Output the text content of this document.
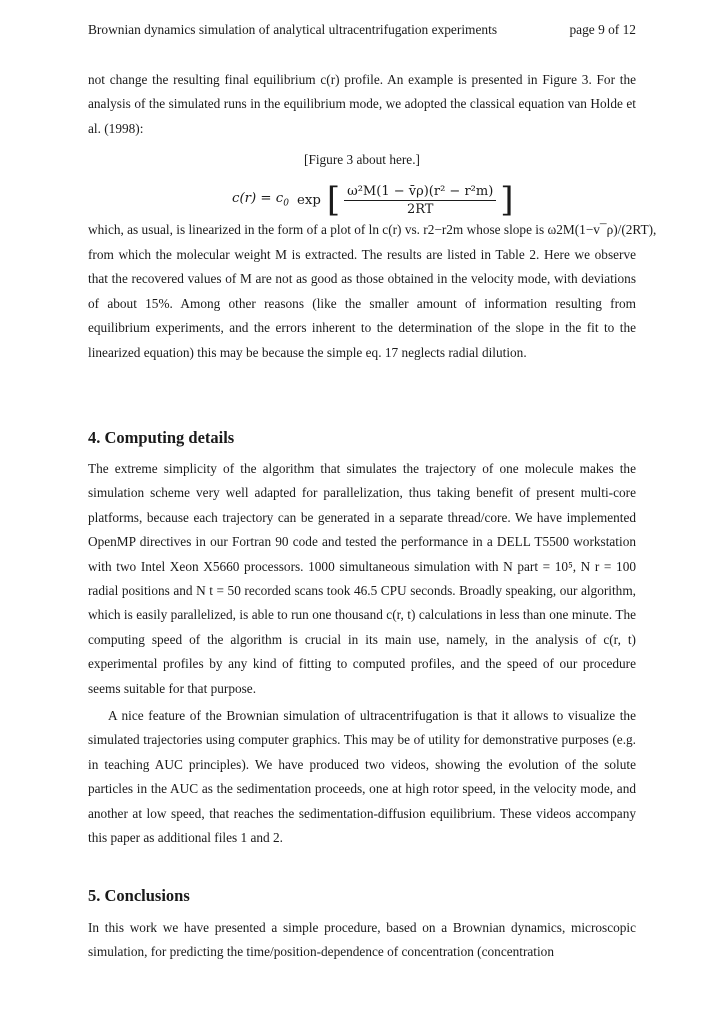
Brownian dynamics simulation of analytical ultracentrifugation experiments	page 9 of 12
not change the resulting final equilibrium c(r) profile. An example is presented in Figure 3. For the analysis of the simulated runs in the equilibrium mode, we adopted the classical equation van Holde et al. (1998):
[Figure 3 about here.]
$c(r) = c_0$ exp [ $\frac{\text{ω²M(1 − v̄ρ)(r² − r²m)}}{2RT}$ ]
which, as usual, is linearized in the form of a plot of ln c(r) vs. r2−r2m whose slope is ω2M(1−v¯ρ)/(2RT),
from which the molecular weight M is extracted. The results are listed in Table 2. Here we observe that the recovered values of M are not as good as those obtained in the velocity mode, with deviations of about 15%. Among other reasons (like the smaller amount of information resulting from equilibrium experiments, and the errors inherent to the determination of the slope in the fit to the linearized equation) this may be because the simple eq. 17 neglects radial dilution.
4. Computing details
The extreme simplicity of the algorithm that simulates the trajectory of one molecule makes the simulation scheme very well adapted for parallelization, thus taking benefit of present multi-core platforms, because each trajectory can be generated in a separate thread/core. We have implemented OpenMP directives in our Fortran 90 code and tested the performance in a DELL T5500 workstation with two Intel Xeon X5660 processors. 1000 simultaneous simulation with N part = 10⁵, N r = 100 radial positions and N t = 50 recorded scans took 46.5 CPU seconds. Broadly speaking, our algorithm, which is easily parallelized, is able to run one thousand c(r, t) calculations in less than one minute. The computing speed of the algorithm is crucial in its main use, namely, in the analysis of c(r, t) experimental profiles by any kind of fitting to computed profiles, and the speed of our procedure seems suitable for that purpose.
A nice feature of the Brownian simulation of ultracentrifugation is that it allows to visualize the simulated trajectories using computer graphics. This may be of utility for demonstrative purposes (e.g. in teaching AUC principles). We have produced two videos, showing the evolution of the solute particles in the AUC as the sedimentation proceeds, one at high rotor speed, in the velocity mode, and another at low speed, that reaches the sedimentation-diffusion equilibrium. These videos accompany this paper as additional files 1 and 2.
5. Conclusions
In this work we have presented a simple procedure, based on a Brownian dynamics, microscopic simulation, for predicting the time/position-dependence of concentration (concentration
